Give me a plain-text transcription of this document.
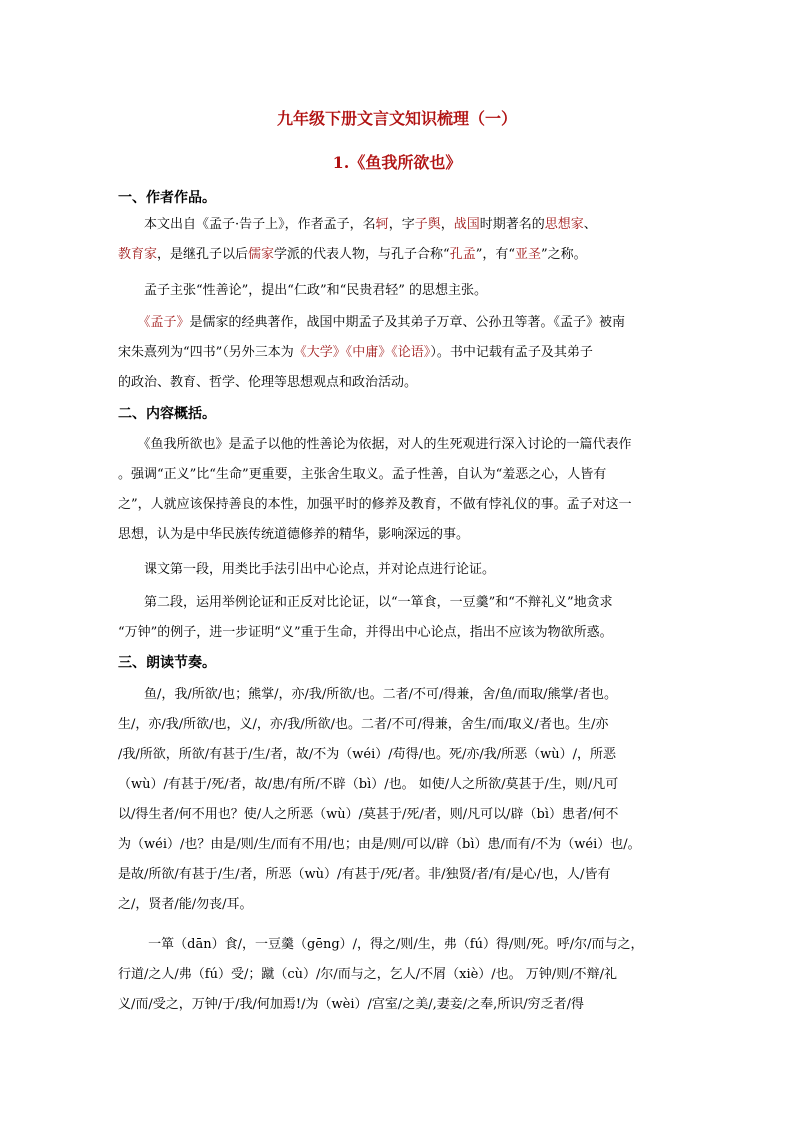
九年级下册文言文知识梳理（一）
1.《鱼我所欲也》
一、作者作品。
　　本文出自《孟子·告子上》，作者孟子，名轲，字子舆，战国时期著名的思想家、
教育家，是继孔子以后儒家学派的代表人物，与孔子合称“孔孟”，有“亚圣”之称。
　　孟子主张“性善论”，提出“仁政”和“民贵君轻” 的思想主张。
　　《孟子》是儒家的经典著作，战国中期孟子及其弟子万章、公孙丑等著。《孟子》被南
宋朱熹列为“四书”（另外三本为《大学》《中庸》《论语》）。书中记载有孟子及其弟子
的政治、教育、哲学、伦理等思想观点和政治活动。
二、内容概括。
　　《鱼我所欲也》是孟子以他的性善论为依据，对人的生死观进行深入讨论的一篇代表作
。强调“正义”比“生命”更重要，主张舍生取义。孟子性善，自认为“羞恶之心，人皆有
之”，人就应该保持善良的本性，加强平时的修养及教育，不做有悖礼仪的事。孟子对这一
思想，认为是中华民族传统道德修养的精华，影响深远的事。
　　课文第一段，用类比手法引出中心论点，并对论点进行论证。
　　第二段，运用举例论证和正反对比论证，以“一箪食，一豆羹”和“不辩礼义”地贪求
“万钟”的例子，进一步证明“义”重于生命，并得出中心论点，指出不应该为物欲所惑。
三、朗读节奏。
　　鱼/，我/所欲/也；熊掌/，亦/我/所欲/也。二者/不可/得兼，舍/鱼/而取/熊掌/者也。
生/，亦/我/所欲/也，义/，亦/我/所欲/也。二者/不可/得兼，舍生/而/取义/者也。生/亦
/我/所欲，所欲/有甚于/生/者，故/不为（wéi）/苟得/也。死/亦/我/所恶（wù）/，所恶
（wù）/有甚于/死/者，故/患/有所/不辟（bì）/也。 如使/人之所欲/莫甚于/生，则/凡可
以/得生者/何不用也？使/人之所恶（wù）/莫甚于/死/者，则/凡可以/辟（bì）患者/何不
为（wéi）/也？由是/则/生/而有不用/也；由是/则/可以/辟（bì）患/而有/不为（wéi）也/。
是故/所欲/有甚于/生/者，所恶（wù）/有甚于/死/者。非/独贤/者/有/是心/也，人/皆有
之/，贤者/能/勿丧/耳。
　　 一箪（dān）食/，一豆羹（gēng）/，得之/则/生，弗（fú）得/则/死。呼/尔/而与之，
行道/之人/弗（fú）受/；蹴（cù）/尔/而与之，乞人/不屑（xiè）/也。 万钟/则/不辩/礼
义/而/受之，万钟/于/我/何加焉!/为（wèi）/宫室/之美/,妻妾/之奉,所识/穷乏者/得
